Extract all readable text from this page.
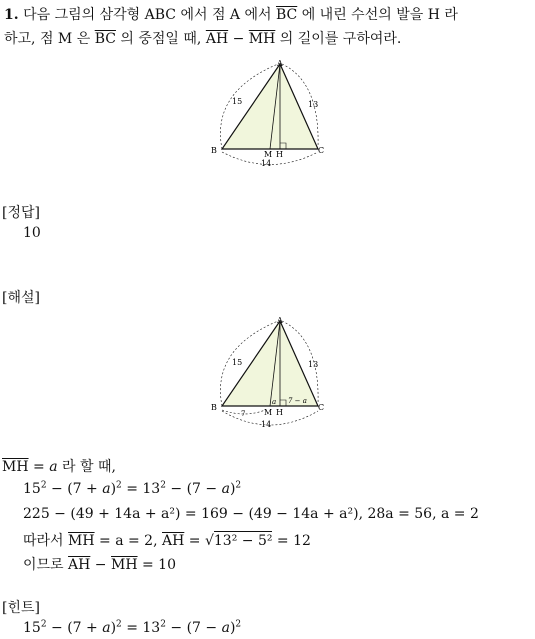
1. 다음 그림의 삼각형 ABC 에서 점 A 에서 $\overline{BC}$ 에 내린 수선의 발을 H 라
하고, 점 M 은 $\overline{BC}$ 의 중점일 때, $\overline{AH} - \overline{MH}$ 의 길이를 구하여라.
A
B	C
M H
15	13
14
[정답]
10
[해설]
A
B	C
M H
15	13
14
7
a 7 − a
$\overline{MH} = a$ 라 할 때,
$15^2 - (7 + a)^2 = 13^2 - (7 - a)^2$
225 − (49 + 14a + a²) = 169 − (49 − 14a + a²), 28a = 56, a = 2
따라서 $\overline{MH} = a = 2$, $\overline{AH} = √13^2 - 5^2 = 12$
이므로 $\overline{AH} - \overline{MH} = 10$
[힌트]
$15^2 - (7 + a)^2 = 13^2 - (7 - a)^2$
